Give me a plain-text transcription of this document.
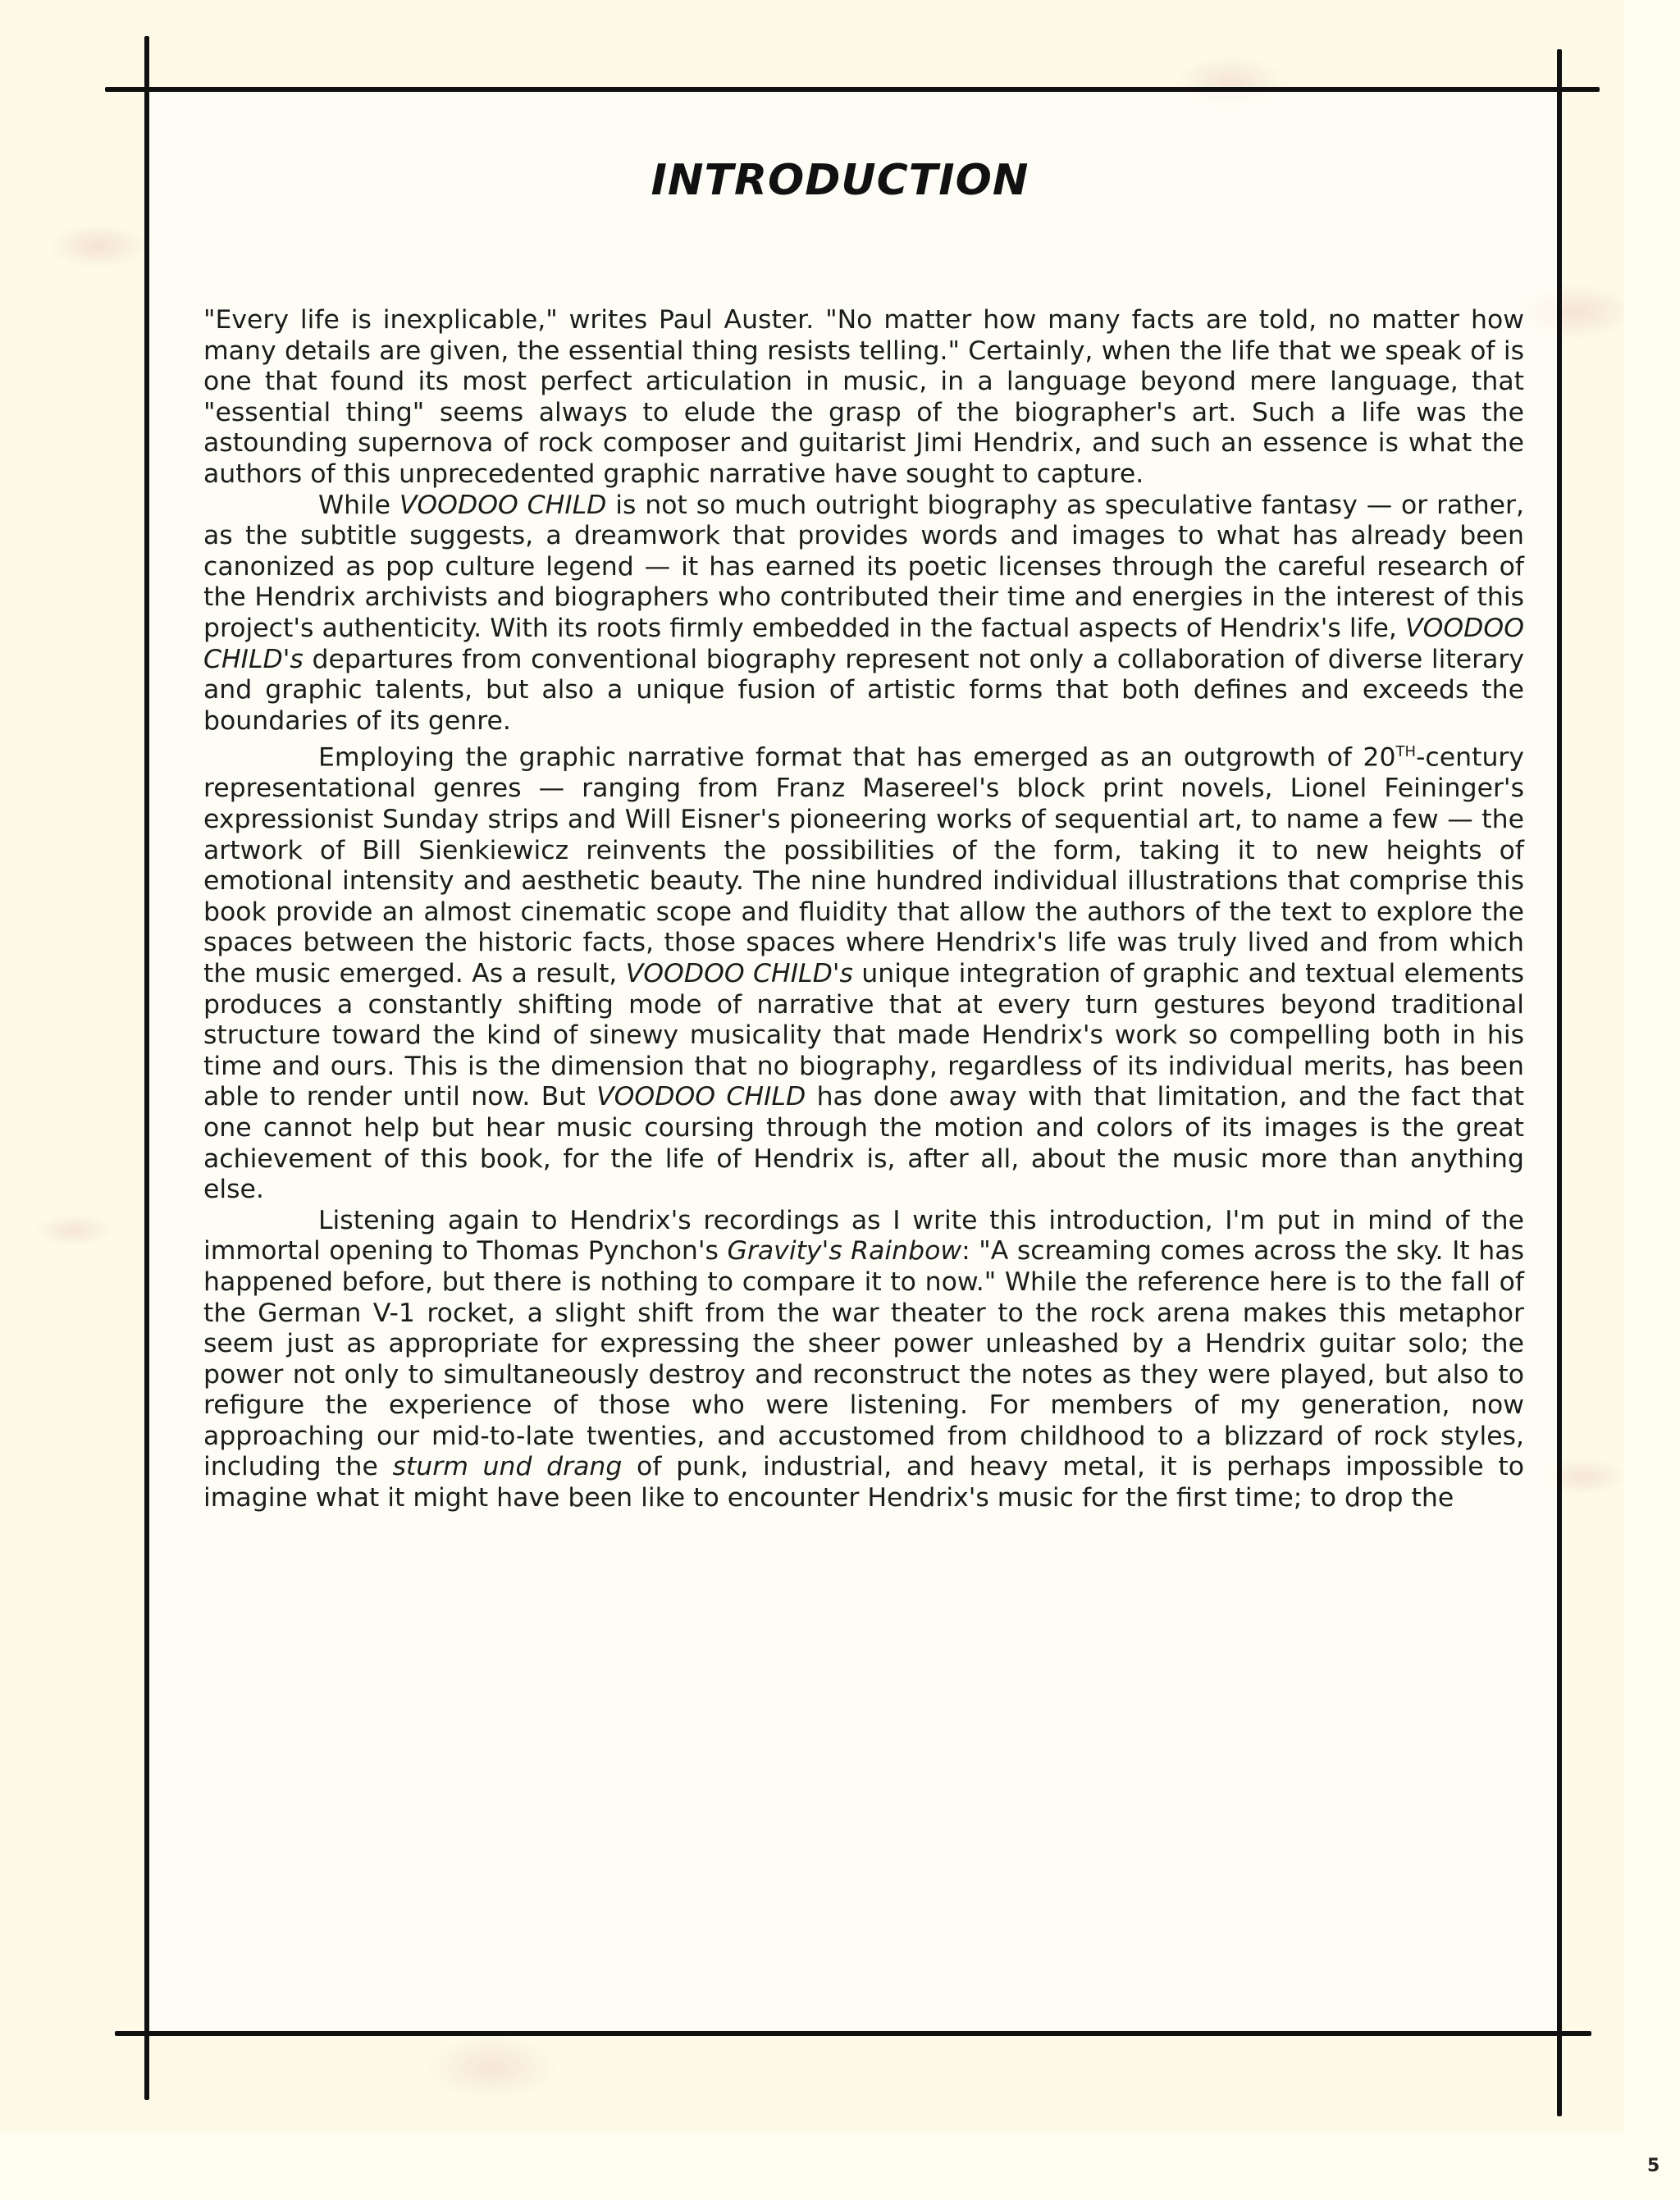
INTRODUCTION

"Every life is inexplicable," writes Paul Auster. "No matter how many facts are told, no matter how many details are given, the essential thing resists telling." Certainly, when the life that we speak of is one that found its most perfect articulation in music, in a language beyond mere language, that "essential thing" seems always to elude the grasp of the biographer's art. Such a life was the astounding supernova of rock composer and guitarist Jimi Hendrix, and such an essence is what the authors of this unprecedented graphic narrative have sought to capture.

While VOODOO CHILD is not so much outright biography as speculative fantasy — or rather, as the subtitle suggests, a dreamwork that provides words and images to what has already been canonized as pop culture legend — it has earned its poetic licenses through the careful research of the Hendrix archivists and biographers who contributed their time and energies in the interest of this project's authenticity. With its roots firmly embedded in the factual aspects of Hendrix's life, VOODOO CHILD's departures from conventional biography represent not only a collaboration of diverse literary and graphic talents, but also a unique fusion of artistic forms that both defines and exceeds the boundaries of its genre.

Employing the graphic narrative format that has emerged as an outgrowth of 20TH-century representational genres — ranging from Franz Masereel's block print novels, Lionel Feininger's expressionist Sunday strips and Will Eisner's pioneering works of sequential art, to name a few — the artwork of Bill Sienkiewicz reinvents the possibilities of the form, taking it to new heights of emotional intensity and aesthetic beauty. The nine hundred individual illustrations that comprise this book provide an almost cinematic scope and fluidity that allow the authors of the text to explore the spaces between the historic facts, those spaces where Hendrix's life was truly lived and from which the music emerged. As a result, VOODOO CHILD's unique integration of graphic and textual elements produces a constantly shifting mode of narrative that at every turn gestures beyond traditional structure toward the kind of sinewy musicality that made Hendrix's work so compelling both in his time and ours. This is the dimension that no biography, regardless of its individual merits, has been able to render until now. But VOODOO CHILD has done away with that limitation, and the fact that one cannot help but hear music coursing through the motion and colors of its images is the great achievement of this book, for the life of Hendrix is, after all, about the music more than anything else.

Listening again to Hendrix's recordings as I write this introduction, I'm put in mind of the immortal opening to Thomas Pynchon's Gravity's Rainbow: "A screaming comes across the sky. It has happened before, but there is nothing to compare it to now." While the reference here is to the fall of the German V-1 rocket, a slight shift from the war theater to the rock arena makes this metaphor seem just as appropriate for expressing the sheer power unleashed by a Hendrix guitar solo; the power not only to simultaneously destroy and reconstruct the notes as they were played, but also to refigure the experience of those who were listening. For members of my generation, now approaching our mid-to-late twenties, and accustomed from childhood to a blizzard of rock styles, including the sturm und drang of punk, industrial, and heavy metal, it is perhaps impossible to imagine what it might have been like to encounter Hendrix's music for the first time; to drop the

5
